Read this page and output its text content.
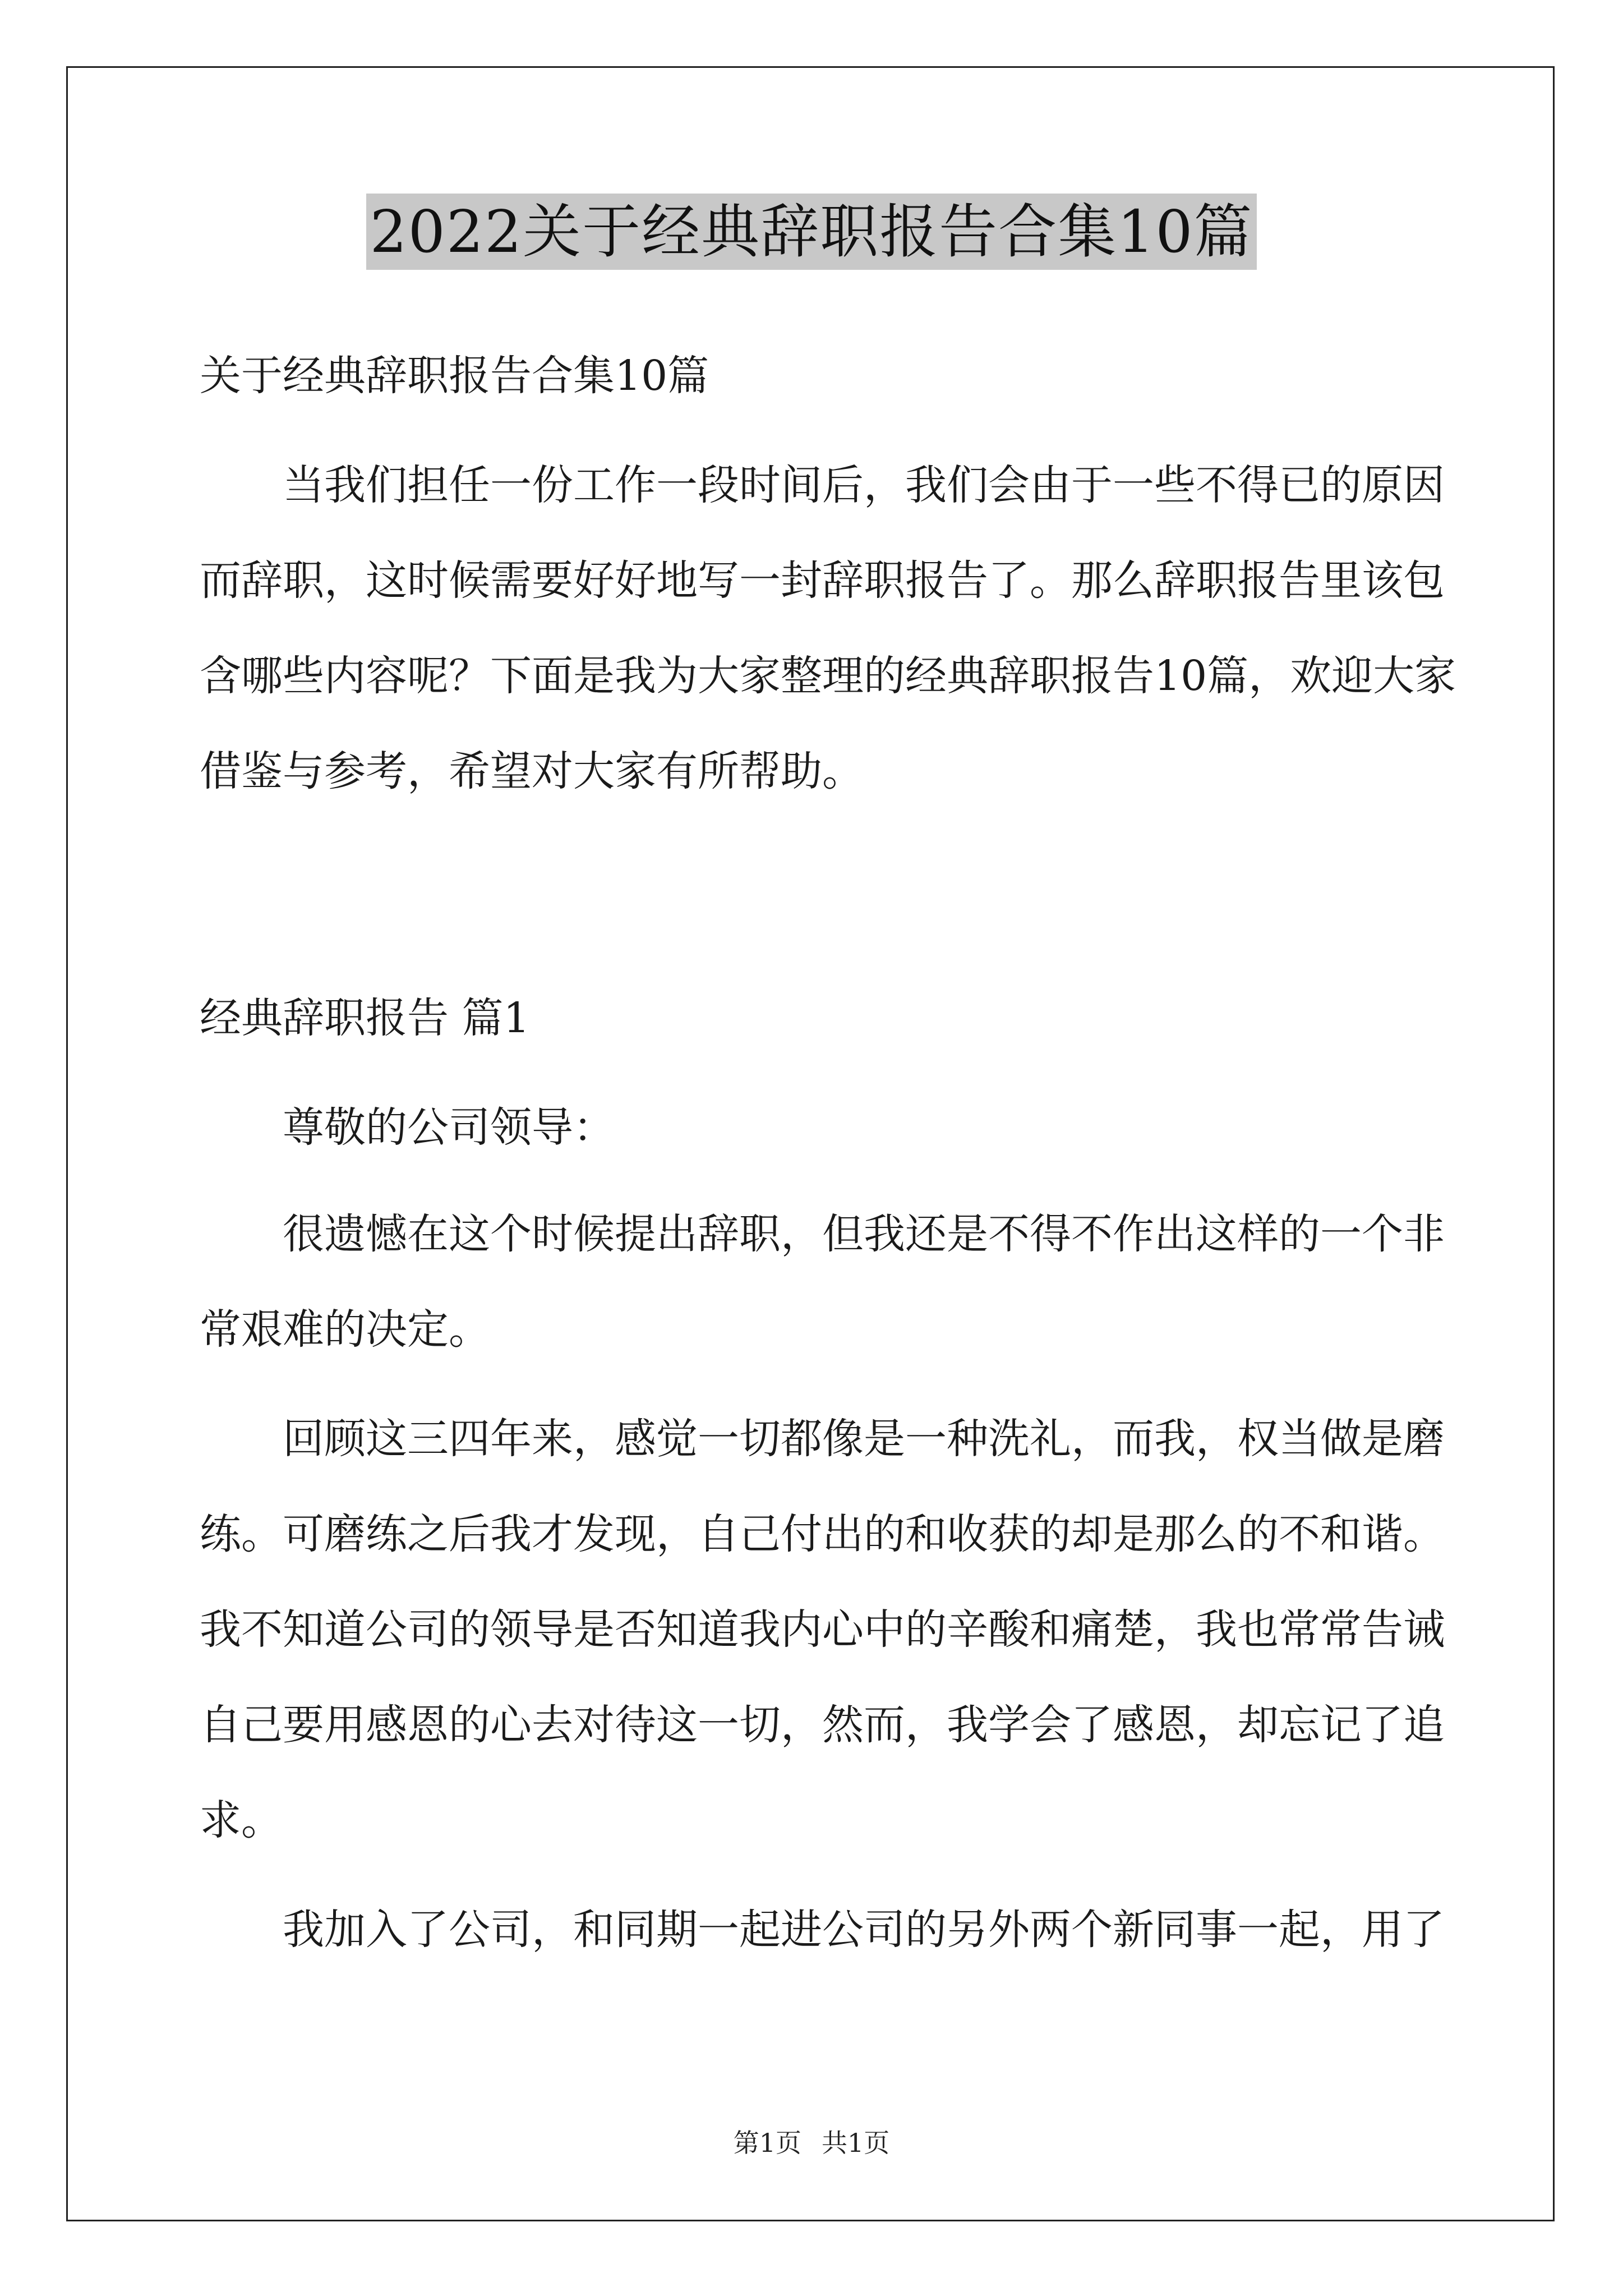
2022关于经典辞职报告合集10篇
关于经典辞职报告合集10篇
当我们担任一份工作一段时间后，我们会由于一些不得已的原因
而辞职，这时候需要好好地写一封辞职报告了。那么辞职报告里该包
含哪些内容呢？下面是我为大家整理的经典辞职报告10篇，欢迎大家
借鉴与参考，希望对大家有所帮助。
经典辞职报告 篇1
尊敬的公司领导：
很遗憾在这个时候提出辞职，但我还是不得不作出这样的一个非
常艰难的决定。
回顾这三四年来，感觉一切都像是一种洗礼，而我，权当做是磨
练。可磨练之后我才发现，自己付出的和收获的却是那么的不和谐。
我不知道公司的领导是否知道我内心中的辛酸和痛楚，我也常常告诫
自己要用感恩的心去对待这一切，然而，我学会了感恩，却忘记了追
求。
我加入了公司，和同期一起进公司的另外两个新同事一起，用了
第1页 共1页
